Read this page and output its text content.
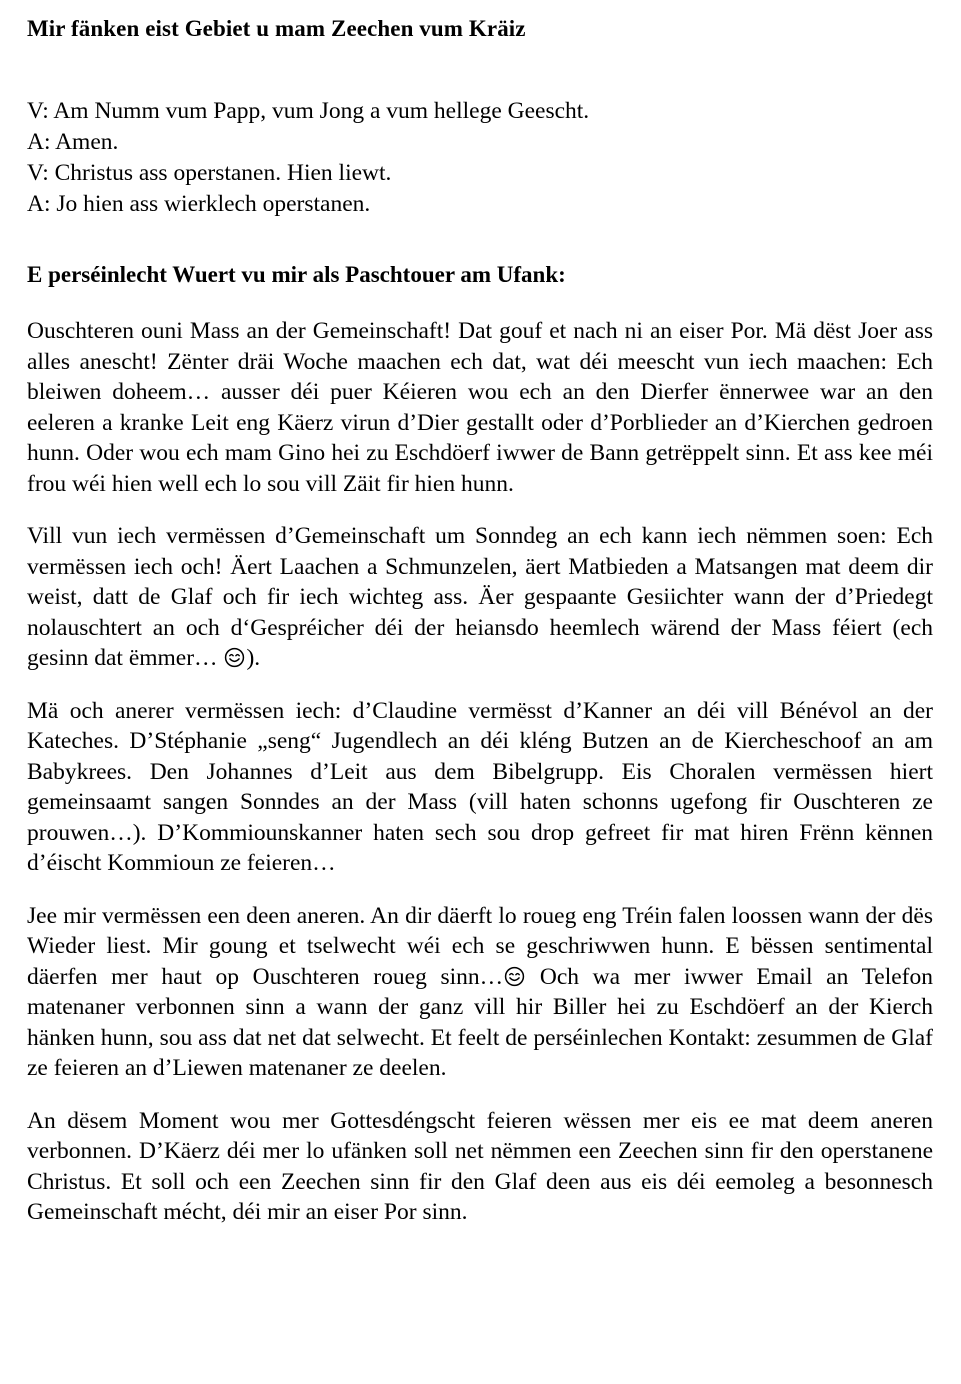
Mir fänken eist Gebiet u mam Zeechen vum Kräiz
V: Am Numm vum Papp, vum Jong a vum hellege Geescht.
A: Amen.
V: Christus ass operstanen. Hien liewt.
A: Jo hien ass wierklech operstanen.
E perséinlecht Wuert vu mir als Paschtouer am Ufank:

Ouschteren ouni Mass an der Gemeinschaft! Dat gouf et nach ni an eiser Por. Mä dëst Joer ass alles anescht! Zënter dräi Woche maachen ech dat, wat déi meescht vun iech maachen: Ech bleiwen doheem… ausser déi puer Kéieren wou ech an den Dierfer ënnerwee war an den eeleren a kranke Leit eng Käerz virun d’Dier gestallt oder d’Porblieder an d’Kierchen gedroen hunn. Oder wou ech mam Gino hei zu Eschdöerf iwwer de Bann getrëppelt sinn. Et ass kee méi frou wéi hien well ech lo sou vill Zäit fir hien hunn.

Vill vun iech vermëssen d’Gemeinschaft um Sonndeg an ech kann iech nëmmen soen: Ech vermëssen iech och! Äert Laachen a Schmunzelen, äert Matbieden a Matsangen mat deem dir weist, datt de Glaf och fir iech wichteg ass. Äer gespaante Gesiichter wann der d’Priedegt nolauschtert an och d‘Gespréicher déi der heiansdo heemlech wärend der Mass féiert (ech gesinn dat ëmmer…
).

Mä och anerer vermëssen iech: d’Claudine vermësst d’Kanner an déi vill Bénévol an der Kateches. D’Stéphanie „seng“ Jugendlech an déi kléng Butzen an de Kiercheschoof an am Babykrees. Den Johannes d’Leit aus dem Bibelgrupp. Eis Choralen vermëssen hiert gemeinsaamt sangen Sonndes an der Mass (vill haten schonns ugefong fir Ouschteren ze prouwen…). D’Kommiounskanner haten sech sou drop gefreet fir mat hiren Frënn kënnen d’éischt Kommioun ze feieren…

Jee mir vermëssen een deen aneren. An dir däerft lo roueg eng Tréin falen loossen wann der dës Wieder liest. Mir goung et tselwecht wéi ech se geschriwwen hunn. E bëssen sentimental däerfen mer haut op Ouschteren roueg sinn…
Och wa mer iwwer Email an Telefon matenaner verbonnen sinn a wann der ganz vill hir Biller hei zu Eschdöerf an der Kierch hänken hunn, sou ass dat net dat selwecht. Et feelt de perséinlechen Kontakt: zesummen de Glaf ze feieren an d’Liewen matenaner ze deelen.

An dësem Moment wou mer Gottesdéngscht feieren wëssen mer eis ee mat deem aneren verbonnen. D’Käerz déi mer lo ufänken soll net nëmmen een Zeechen sinn fir den operstanene Christus. Et soll och een Zeechen sinn fir den Glaf deen aus eis déi eemoleg a besonnesch Gemeinschaft mécht, déi mir an eiser Por sinn.
